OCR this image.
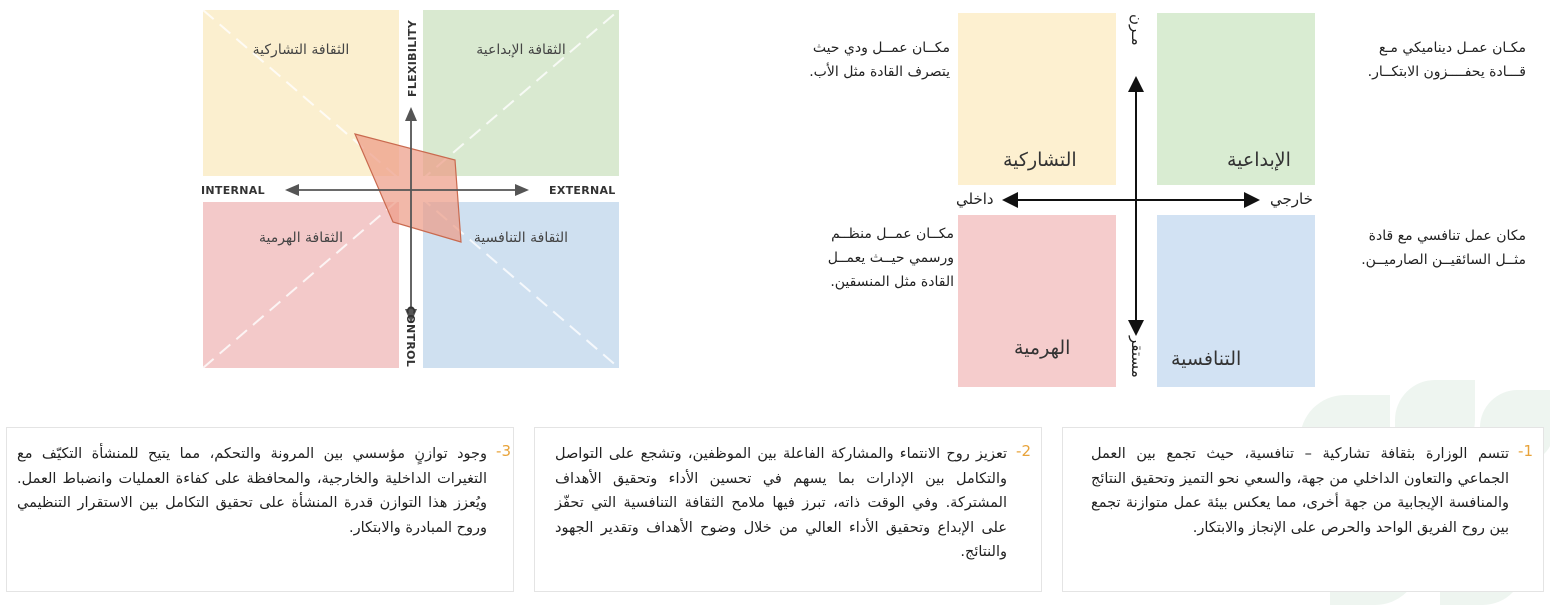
الثقافة التشاركية	الثقافة الإبداعية
الثقافة الهرمية	الثقافة التنافسية
FLEXIBILITY
CONTROL
INTERNAL	EXTERNAL
التشاركية	الإبداعية
الهرمية	التنافسية
مـرن
مستقر
داخلي	خارجي
مكــان عمــل ودي حيث
يتصرف القادة مثل الأب.
مكـان عمـل ديناميكي مـع
قـــادة يحفــــزون الابتكــار.
مكــان عمــل منظــم
ورسمي حيــث يعمــل
القادة مثل المنسقين.
مكان عمل تنافسي مع قادة
مثــل السائقيــن الصارميــن.
1-
تتسم الوزارة بثقافة تشاركية – تنافسية، حيث تجمع بين العمل الجماعي والتعاون الداخلي من جهة، والسعي نحو التميز وتحقيق النتائج والمنافسة الإيجابية من جهة أخرى، مما يعكس بيئة عمل متوازنة تجمع بين روح الفريق الواحد والحرص على الإنجاز والابتكار.
2-
تعزيز روح الانتماء والمشاركة الفاعلة بين الموظفين، وتشجع على التواصل والتكامل بين الإدارات بما يسهم في تحسين الأداء وتحقيق الأهداف المشتركة. وفي الوقت ذاته، تبرز فيها ملامح الثقافة التنافسية التي تحفّز على الإبداع وتحقيق الأداء العالي من خلال وضوح الأهداف وتقدير الجهود والنتائج.
3-
وجود توازنٍ مؤسسي بين المرونة والتحكم، مما يتيح للمنشأة التكيّف مع التغيرات الداخلية والخارجية، والمحافظة على كفاءة العمليات وانضباط العمل. ويُعزز هذا التوازن قدرة المنشأة على تحقيق التكامل بين الاستقرار التنظيمي وروح المبادرة والابتكار.
